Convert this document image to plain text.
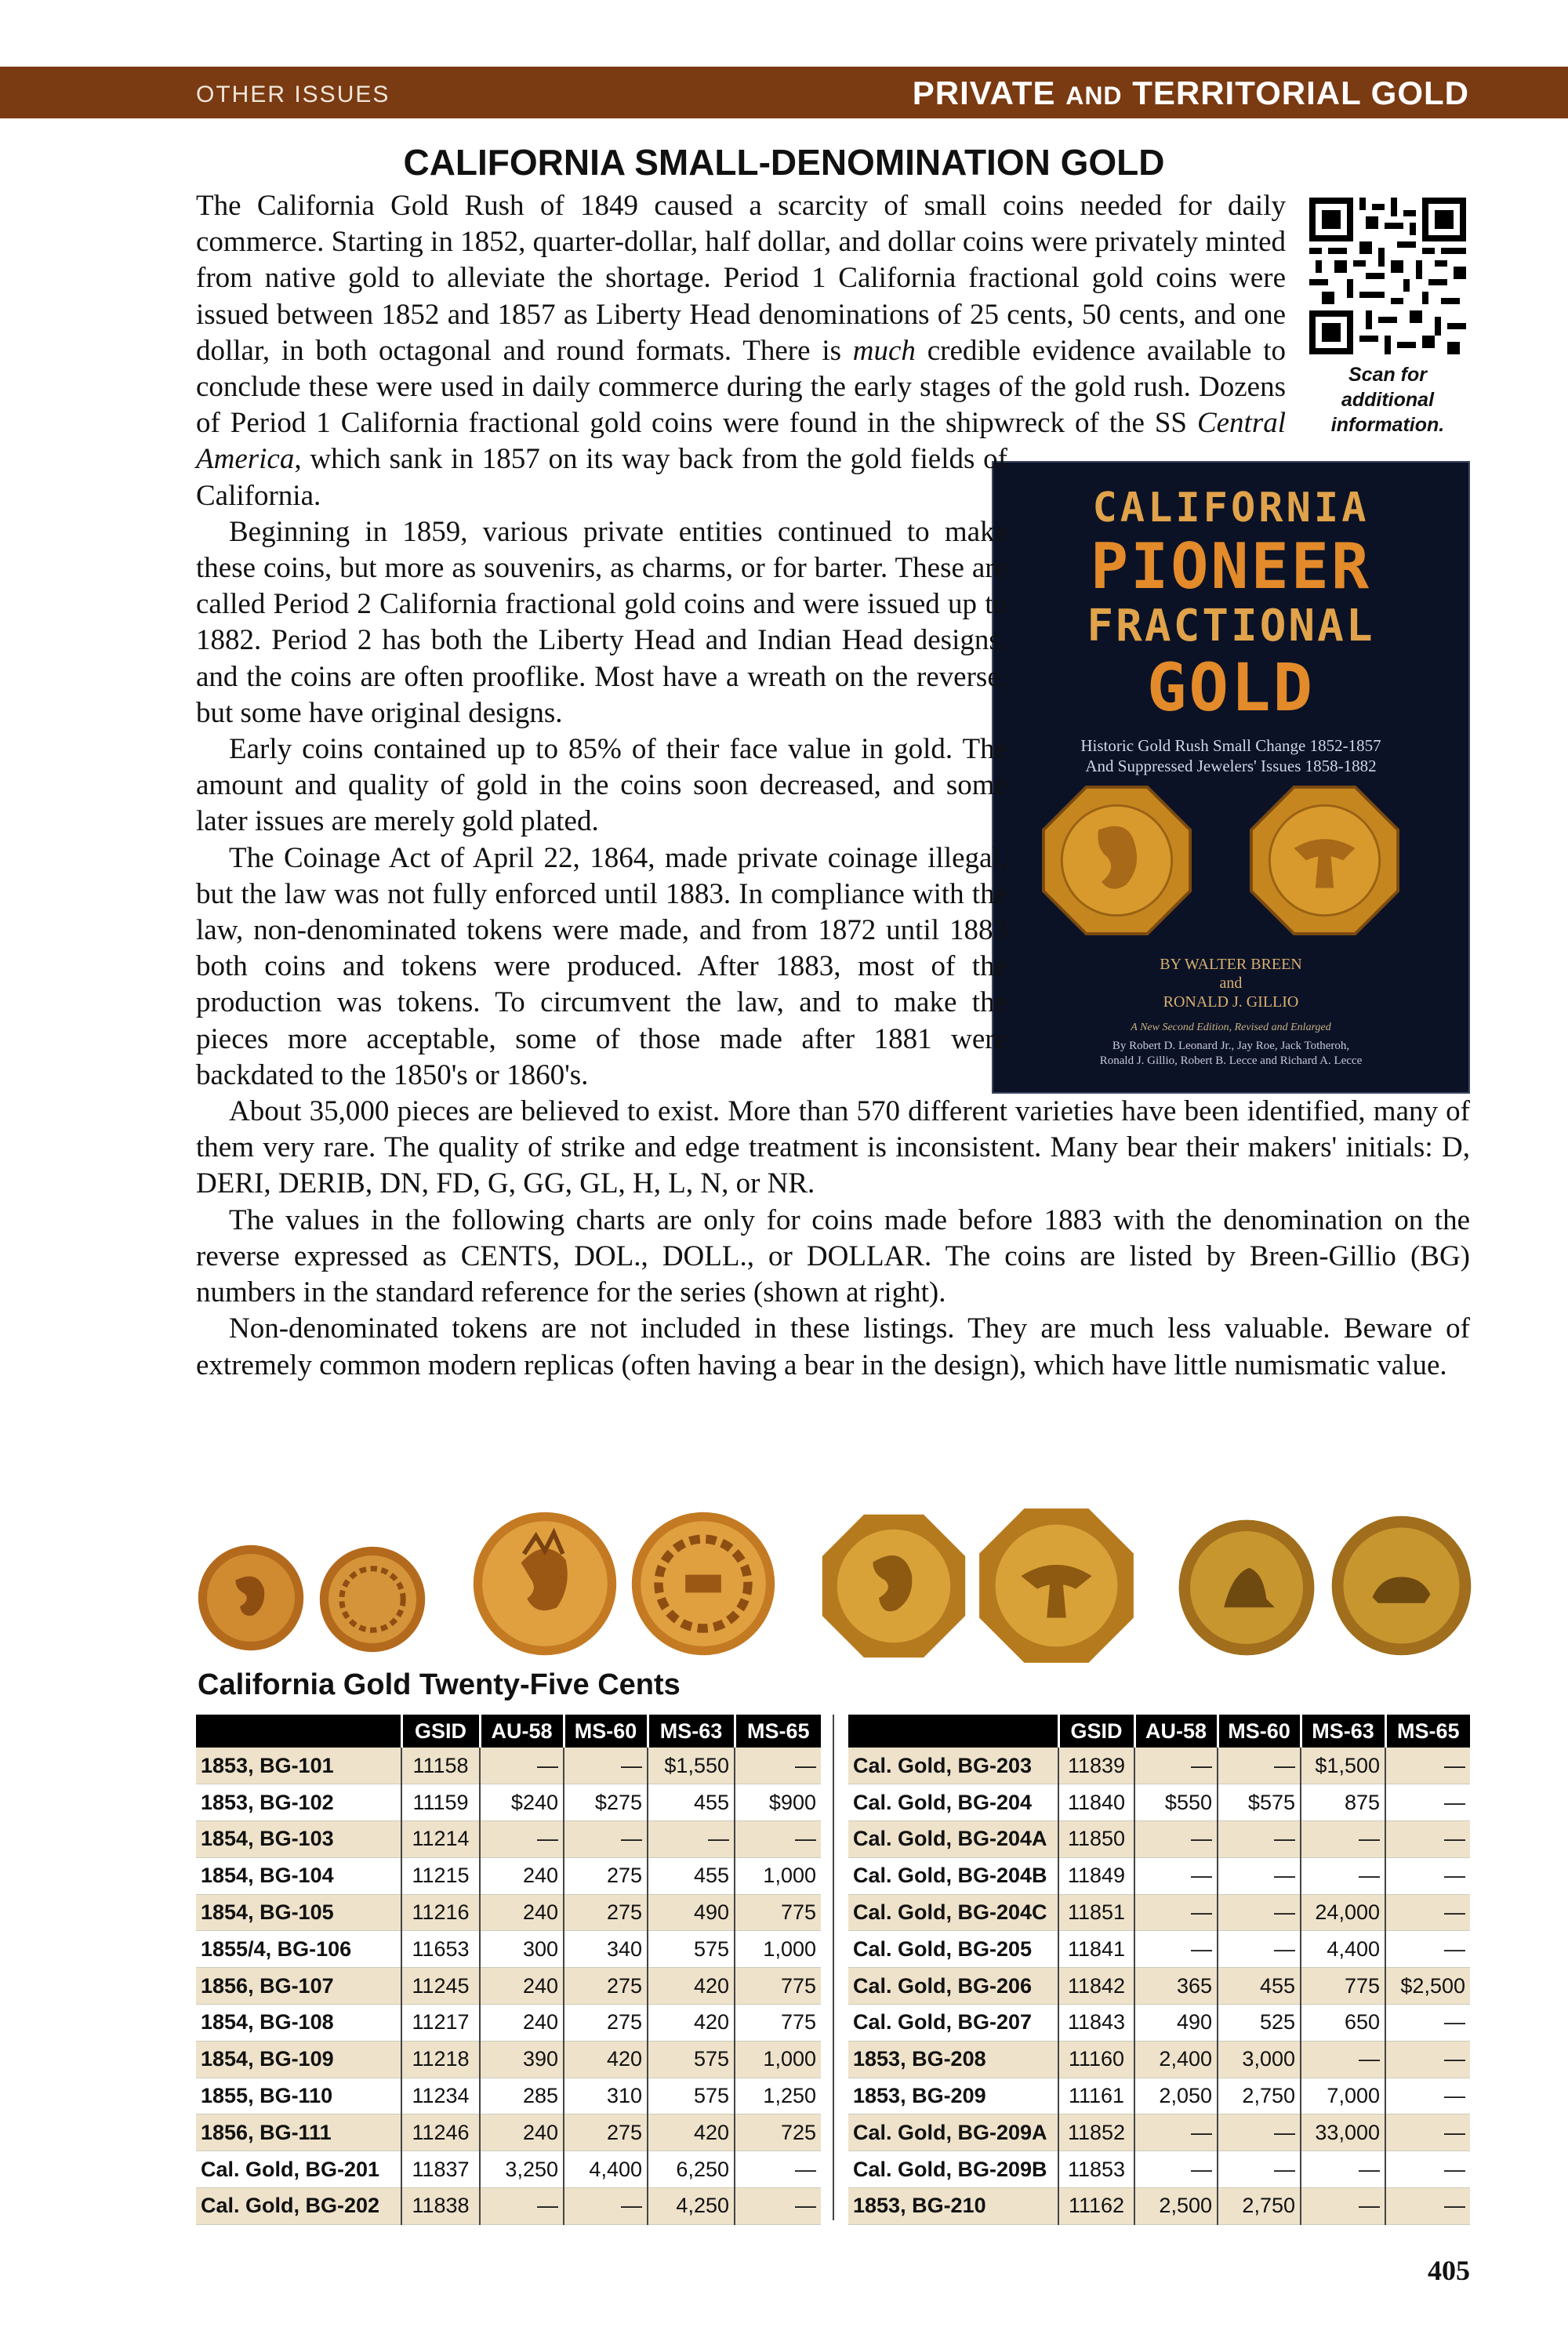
OTHER ISSUES	PRIVATE AND TERRITORIAL GOLD
CALIFORNIA SMALL-DENOMINATION GOLD
Scan for
additional
information.
CALIFORNIA
PIONEER
FRACTIONAL
GOLD
Historic Gold Rush Small Change 1852-1857
And Suppressed Jewelers' Issues 1858-1882
BY WALTER BREEN
and
RONALD J. GILLIO
A New Second Edition, Revised and Enlarged
By Robert D. Leonard Jr., Jay Roe, Jack Totheroh,
Ronald J. Gillio, Robert B. Lecce and Richard A. Lecce

The California Gold Rush of 1849 caused a scarcity of small coins needed for daily commerce. Starting in 1852, quarter-dollar, half dollar, and dollar coins were privately minted from native gold to alleviate the shortage. Period 1 California fractional gold coins were issued between 1852 and 1857 as Liberty Head denominations of 25 cents, 50 cents, and one dollar, in both octagonal and round formats. There is much credible evidence available to conclude these were used in daily commerce during the early stages of the gold rush. Dozens of Period 1 California fractional gold coins were found in the shipwreck of the SS Central America, which sank in 1857 on its way back from the gold fields of California.

Beginning in 1859, various private entities continued to make these coins, but more as souvenirs, as charms, or for barter. These are called Period 2 California fractional gold coins and were issued up to 1882. Period 2 has both the Liberty Head and Indian Head designs, and the coins are often prooflike. Most have a wreath on the reverse, but some have original designs.

Early coins contained up to 85% of their face value in gold. The amount and quality of gold in the coins soon decreased, and some later issues are merely gold plated.

The Coinage Act of April 22, 1864, made private coinage illegal, but the law was not fully enforced until 1883. In compliance with the law, non-denominated tokens were made, and from 1872 until 1883 both coins and tokens were produced. After 1883, most of the production was tokens. To circumvent the law, and to make the pieces more acceptable, some of those made after 1881 were backdated to the 1850's or 1860's.

About 35,000 pieces are believed to exist. More than 570 different varieties have been identified, many of them very rare. The quality of strike and edge treatment is inconsistent. Many bear their makers' initials: D, DERI, DERIB, DN, FD, G, GG, GL, H, L, N, or NR.

The values in the following charts are only for coins made before 1883 with the denomination on the reverse expressed as CENTS, DOL., DOLL., or DOLLAR. The coins are listed by Breen-Gillio (BG) numbers in the standard reference for the series (shown at right).

Non-denominated tokens are not included in these listings. They are much less valuable. Beware of extremely common modern replicas (often having a bear in the design), which have little numismatic value.

California Gold Twenty-Five Cents
	GSID	AU-58	MS-60	MS-63	MS-65
1853, BG-101	11158	—	—	$1,550	—
1853, BG-102	11159	$240	$275	455	$900
1854, BG-103	11214	—	—	—	—
1854, BG-104	11215	240	275	455	1,000
1854, BG-105	11216	240	275	490	775
1855/4, BG-106	11653	300	340	575	1,000
1856, BG-107	11245	240	275	420	775
1854, BG-108	11217	240	275	420	775
1854, BG-109	11218	390	420	575	1,000
1855, BG-110	11234	285	310	575	1,250
1856, BG-111	11246	240	275	420	725
Cal. Gold, BG-201	11837	3,250	4,400	6,250	—
Cal. Gold, BG-202	11838	—	—	4,250	—
	GSID	AU-58	MS-60	MS-63	MS-65
Cal. Gold, BG-203	11839	—	—	$1,500	—
Cal. Gold, BG-204	11840	$550	$575	875	—
Cal. Gold, BG-204A	11850	—	—	—	—
Cal. Gold, BG-204B	11849	—	—	—	—
Cal. Gold, BG-204C	11851	—	—	24,000	—
Cal. Gold, BG-205	11841	—	—	4,400	—
Cal. Gold, BG-206	11842	365	455	775	$2,500
Cal. Gold, BG-207	11843	490	525	650	—
1853, BG-208	11160	2,400	3,000	—	—
1853, BG-209	11161	2,050	2,750	7,000	—
Cal. Gold, BG-209A	11852	—	—	33,000	—
Cal. Gold, BG-209B	11853	—	—	—	—
1853, BG-210	11162	2,500	2,750	—	—
405
